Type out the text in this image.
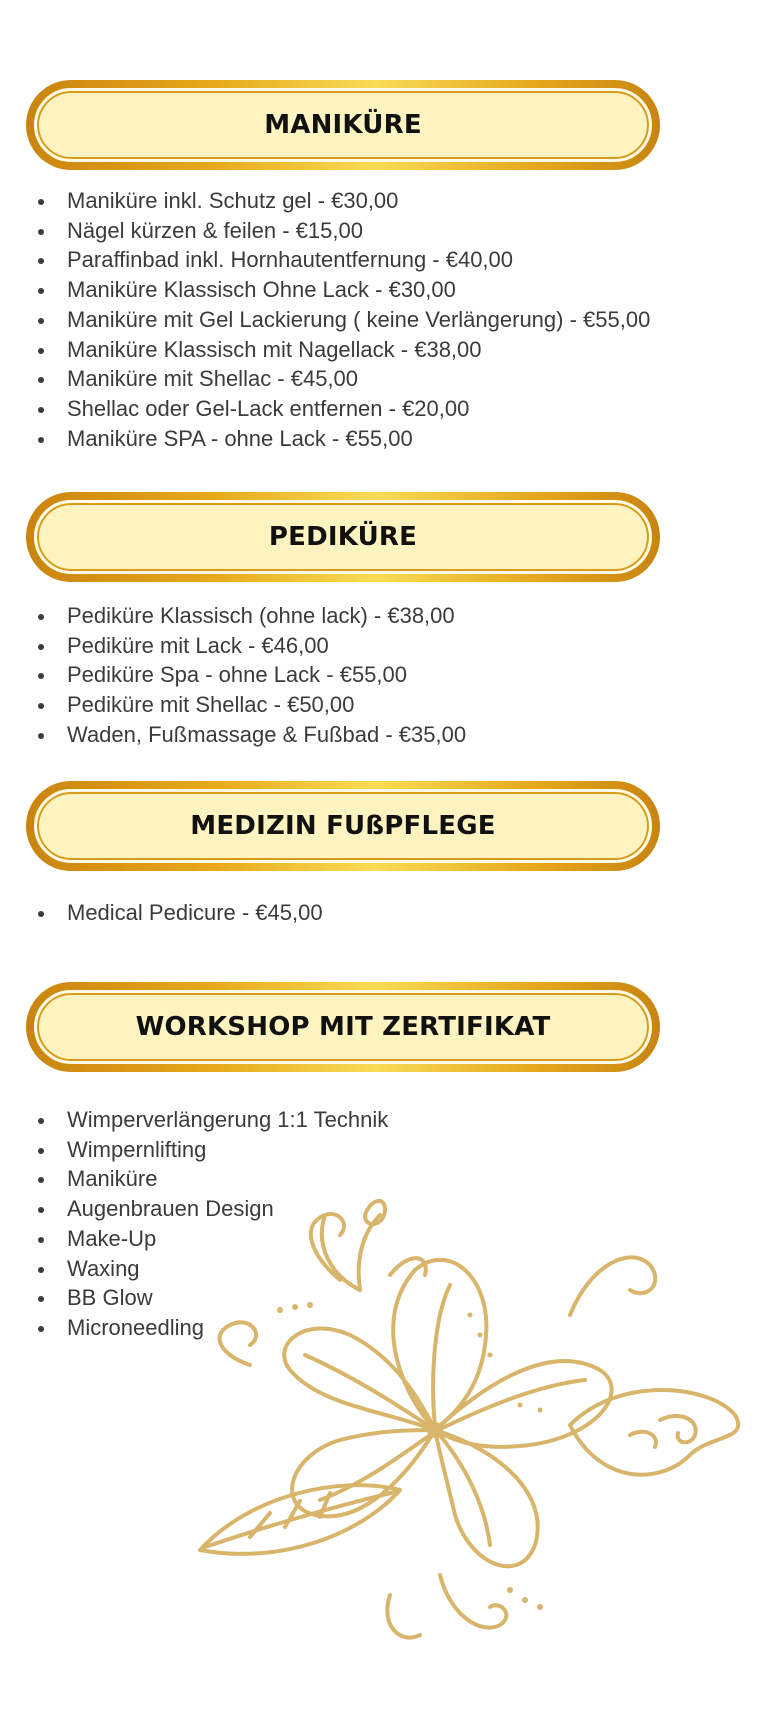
MANIKÜRE
Maniküre inkl. Schutz gel - €30,00
Nägel kürzen & feilen - €15,00
Paraffinbad inkl. Hornhautentfernung - €40,00
Maniküre Klassisch Ohne Lack - €30,00
Maniküre mit Gel Lackierung ( keine Verlängerung) - €55,00
Maniküre Klassisch mit Nagellack - €38,00
Maniküre mit Shellac - €45,00
Shellac oder Gel-Lack entfernen - €20,00
Maniküre SPA - ohne Lack - €55,00
PEDIKÜRE
Pediküre Klassisch (ohne lack) - €38,00
Pediküre mit Lack - €46,00
Pediküre Spa - ohne Lack - €55,00
Pediküre mit Shellac - €50,00
Waden, Fußmassage & Fußbad - €35,00
MEDIZIN FUßPFLEGE
Medical Pedicure - €45,00
WORKSHOP MIT ZERTIFIKAT
Wimperverlängerung 1:1 Technik
Wimpernlifting
Maniküre
Augenbrauen Design
Make-Up
Waxing
BB Glow
Microneedling
